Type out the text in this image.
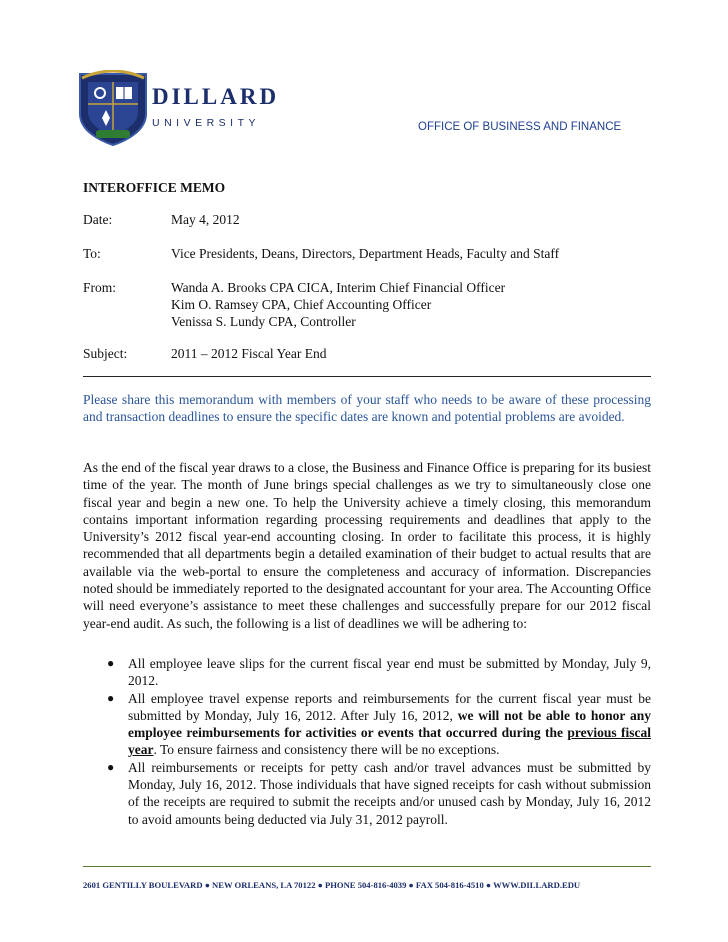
DILLARD
UNIVERSITY	OFFICE OF BUSINESS AND FINANCE
INTEROFFICE MEMO
Date:	May 4, 2012
To:	Vice Presidents, Deans, Directors, Department Heads, Faculty and Staff
From:	Wanda A. Brooks CPA CICA, Interim Chief Financial Officer
Kim O. Ramsey CPA, Chief Accounting Officer
Venissa S. Lundy CPA, Controller
Subject:	2011 – 2012 Fiscal Year End

Please share this memorandum with members of your staff who needs to be aware of these processing and transaction deadlines to ensure the specific dates are known and potential problems are avoided.

As the end of the fiscal year draws to a close, the Business and Finance Office is preparing for its busiest time of the year. The month of June brings special challenges as we try to simultaneously close one fiscal year and begin a new one. To help the University achieve a timely closing, this memorandum contains important information regarding processing requirements and deadlines that apply to the University’s 2012 fiscal year-end accounting closing. In order to facilitate this process, it is highly recommended that all departments begin a detailed examination of their budget to actual results that are available via the web-portal to ensure the completeness and accuracy of information. Discrepancies noted should be immediately reported to the designated accountant for your area. The Accounting Office will need everyone’s assistance to meet these challenges and successfully prepare for our 2012 fiscal year-end audit. As such, the following is a list of deadlines we will be adhering to:

● All employee leave slips for the current fiscal year end must be submitted by Monday, July 9, 2012.
● All employee travel expense reports and reimbursements for the current fiscal year must be submitted by Monday, July 16, 2012. After July 16, 2012, we will not be able to honor any employee reimbursements for activities or events that occurred during the previous fiscal year. To ensure fairness and consistency there will be no exceptions.
● All reimbursements or receipts for petty cash and/or travel advances must be submitted by Monday, July 16, 2012. Those individuals that have signed receipts for cash without submission of the receipts are required to submit the receipts and/or unused cash by Monday, July 16, 2012 to avoid amounts being deducted via July 31, 2012 payroll.
2601 GENTILLY BOULEVARD ● NEW ORLEANS, LA 70122 ● PHONE 504-816-4039 ● FAX 504-816-4510 ● WWW.DILLARD.EDU
